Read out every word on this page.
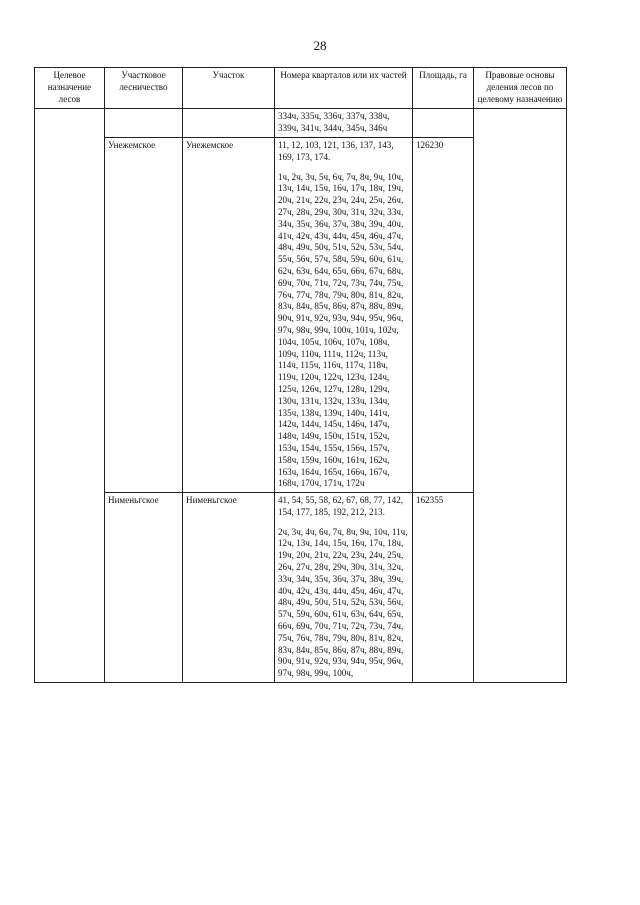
28
Целевое назначение лесов	Участковое лесничество	Участок	Номера кварталов или их частей	Площадь, га	Правовые основы деления лесов по целевому назначению

			334ч, 335ч, 336ч, 337ч, 338ч, 339ч, 341ч, 344ч, 345ч, 346ч		

	Унежемское	Унежемское	11, 12, 103, 121, 136, 137, 143, 169, 173, 174.

1ч, 2ч, 3ч, 5ч, 6ч, 7ч, 8ч, 9ч, 10ч, 13ч, 14ч, 15ч, 16ч, 17ч, 18ч, 19ч, 20ч, 21ч, 22ч, 23ч, 24ч, 25ч, 26ч, 27ч, 28ч, 29ч, 30ч, 31ч, 32ч, 33ч, 34ч, 35ч, 36ч, 37ч, 38ч, 39ч, 40ч, 41ч, 42ч, 43ч, 44ч, 45ч, 46ч, 47ч, 48ч, 49ч, 50ч, 51ч, 52ч, 53ч, 54ч, 55ч, 56ч, 57ч, 58ч, 59ч, 60ч, 61ч, 62ч, 63ч, 64ч, 65ч, 66ч, 67ч, 68ч, 69ч, 70ч, 71ч, 72ч, 73ч, 74ч, 75ч, 76ч, 77ч, 78ч, 79ч, 80ч, 81ч, 82ч, 83ч, 84ч, 85ч, 86ч, 87ч, 88ч, 89ч, 90ч, 91ч, 92ч, 93ч, 94ч, 95ч, 96ч, 97ч, 98ч, 99ч, 100ч, 101ч, 102ч, 104ч, 105ч, 106ч, 107ч, 108ч, 109ч, 110ч, 111ч, 112ч, 113ч, 114ч, 115ч, 116ч, 117ч, 118ч, 119ч, 120ч, 122ч, 123ч, 124ч, 125ч, 126ч, 127ч, 128ч, 129ч, 130ч, 131ч, 132ч, 133ч, 134ч, 135ч, 138ч, 139ч, 140ч, 141ч, 142ч, 144ч, 145ч, 146ч, 147ч, 148ч, 149ч, 150ч, 151ч, 152ч, 153ч, 154ч, 155ч, 156ч, 157ч, 158ч, 159ч, 160ч, 161ч, 162ч, 163ч, 164ч, 165ч, 166ч, 167ч, 168ч, 170ч, 171ч, 172ч	126230	
	Нименьгское	Нименьгское	41, 54, 55, 58, 62, 67, 68, 77, 142, 154, 177, 185, 192, 212, 213.

2ч, 3ч, 4ч, 6ч, 7ч, 8ч, 9ч, 10ч, 11ч, 12ч, 13ч, 14ч, 15ч, 16ч, 17ч, 18ч, 19ч, 20ч, 21ч, 22ч, 23ч, 24ч, 25ч, 26ч, 27ч, 28ч, 29ч, 30ч, 31ч, 32ч, 33ч, 34ч, 35ч, 36ч, 37ч, 38ч, 39ч, 40ч, 42ч, 43ч, 44ч, 45ч, 46ч, 47ч, 48ч, 49ч, 50ч, 51ч, 52ч, 53ч, 56ч, 57ч, 59ч, 60ч, 61ч, 63ч, 64ч, 65ч, 66ч, 69ч, 70ч, 71ч, 72ч, 73ч, 74ч, 75ч, 76ч, 78ч, 79ч, 80ч, 81ч, 82ч, 83ч, 84ч, 85ч, 86ч, 87ч, 88ч, 89ч, 90ч, 91ч, 92ч, 93ч, 94ч, 95ч, 96ч, 97ч, 98ч, 99ч, 100ч,	162355	
